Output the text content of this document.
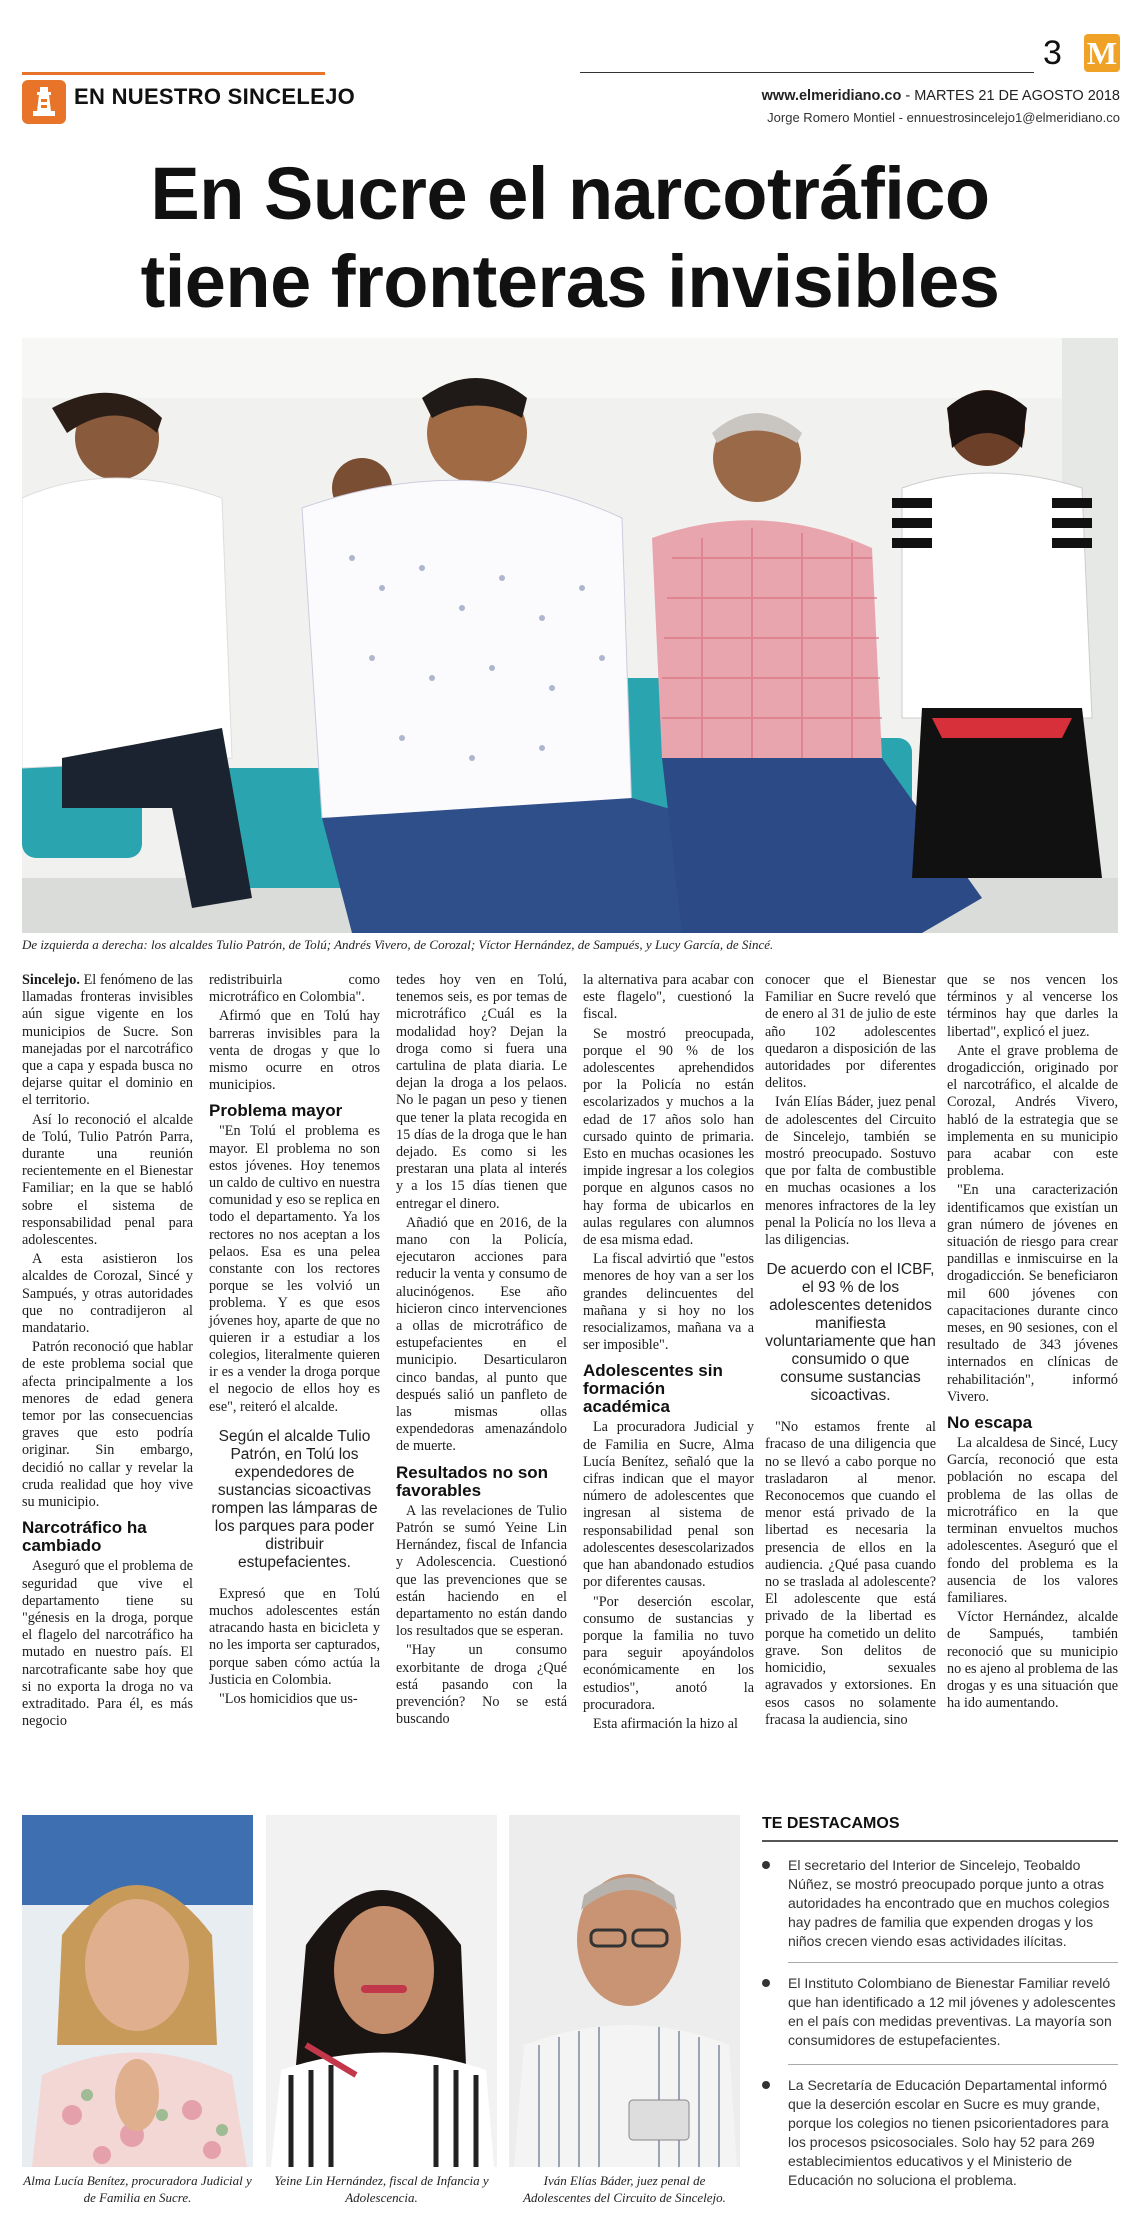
EN NUESTRO SINCELEJO
3 M
www.elmeridiano.co - MARTES 21 DE AGOSTO 2018
Jorge Romero Montiel - ennuestrosincelejo1@elmeridiano.co
En Sucre el narcotráfico
tiene fronteras invisibles
De izquierda a derecha: los alcaldes Tulio Patrón, de Tolú; Andrés Vivero, de Corozal; Víctor Hernández, de Sampués, y Lucy García, de Sincé.

Sincelejo. El fenómeno de las llamadas fronteras invisibles aún sigue vigente en los municipios de Sucre. Son manejadas por el narcotráfico que a capa y espada busca no dejarse quitar el dominio en el territorio.

Así lo reconoció el alcalde de Tolú, Tulio Patrón Parra, durante una reunión recientemente en el Bienestar Familiar; en la que se habló sobre el sistema de responsabilidad penal para adolescentes.

A esta asistieron los alcaldes de Corozal, Sincé y Sampués, y otras autoridades que no contradijeron al mandatario.

Patrón reconoció que hablar de este problema social que afecta principalmente a los menores de edad genera temor por las consecuencias graves que esto podría originar. Sin embargo, decidió no callar y revelar la cruda realidad que hoy vive su municipio.

Narcotráfico ha cambiado

Aseguró que el problema de seguridad que vive el departamento tiene su "génesis en la droga, porque el flagelo del narcotráfico ha mutado en nuestro país. El narcotraficante sabe hoy que si no exporta la droga no va extraditado. Para él, es más negocio

redistribuirla como microtráfico en Colombia".

Afirmó que en Tolú hay barreras invisibles para la venta de drogas y que lo mismo ocurre en otros municipios.

Problema mayor

"En Tolú el problema es mayor. El problema no son estos jóvenes. Hoy tenemos un caldo de cultivo en nuestra comunidad y eso se replica en todo el departamento. Ya los rectores no nos aceptan a los pelaos. Esa es una pelea constante con los rectores porque se les volvió un problema. Y es que esos jóvenes hoy, aparte de que no quieren ir a estudiar a los colegios, literalmente quieren ir es a vender la droga porque el negocio de ellos hoy es ese", reiteró el alcalde.

Según el alcalde Tulio Patrón, en Tolú los expendedores de sustancias sicoactivas rompen las lámparas de los parques para poder distribuir estupefacientes.

Expresó que en Tolú muchos adolescentes están atracando hasta en bicicleta y no les importa ser capturados, porque saben cómo actúa la Justicia en Colombia.

"Los homicidios que us-

tedes hoy ven en Tolú, tenemos seis, es por temas de microtráfico ¿Cuál es la modalidad hoy? Dejan la droga como si fuera una cartulina de plata diaria. Le dejan la droga a los pelaos. No le pagan un peso y tienen que tener la plata recogida en 15 días de la droga que le han dejado. Es como si les prestaran una plata al interés y a los 15 días tienen que entregar el dinero.

Añadió que en 2016, de la mano con la Policía, ejecutaron acciones para reducir la venta y consumo de alucinógenos. Ese año hicieron cinco intervenciones a ollas de microtráfico de estupefacientes en el municipio. Desarticularon cinco bandas, al punto que después salió un panfleto de las mismas ollas expendedoras amenazándolo de muerte.

Resultados no son favorables

A las revelaciones de Tulio Patrón se sumó Yeine Lin Hernández, fiscal de Infancia y Adolescencia. Cuestionó que las prevenciones que se están haciendo en el departamento no están dando los resultados que se esperan.

"Hay un consumo exorbitante de droga ¿Qué está pasando con la prevención? No se está buscando

la alternativa para acabar con este flagelo", cuestionó la fiscal.

Se mostró preocupada, porque el 90 % de los adolescentes aprehendidos por la Policía no están escolarizados y muchos a la edad de 17 años solo han cursado quinto de primaria. Esto en muchas ocasiones les impide ingresar a los colegios porque en algunos casos no hay forma de ubicarlos en aulas regulares con alumnos de esa misma edad.

La fiscal advirtió que "estos menores de hoy van a ser los grandes delincuentes del mañana y si hoy no los resocializamos, mañana va a ser imposible".

Adolescentes sin formación académica

La procuradora Judicial y de Familia en Sucre, Alma Lucía Benítez, señaló que la cifras indican que el mayor número de adolescentes que ingresan al sistema de responsabilidad penal son adolescentes desescolarizados que han abandonado estudios por diferentes causas.

"Por deserción escolar, consumo de sustancias y porque la familia no tuvo para seguir apoyándolos económicamente en los estudios", anotó la procuradora.

Esta afirmación la hizo al

conocer que el Bienestar Familiar en Sucre reveló que de enero al 31 de julio de este año 102 adolescentes quedaron a disposición de las autoridades por diferentes delitos.

Iván Elías Báder, juez penal de adolescentes del Circuito de Sincelejo, también se mostró preocupado. Sostuvo que por falta de combustible en muchas ocasiones a los menores infractores de la ley penal la Policía no los lleva a las diligencias.

De acuerdo con el ICBF, el 93 % de los adolescentes detenidos manifiesta voluntariamente que han consumido o que consume sustancias sicoactivas.

"No estamos frente al fracaso de una diligencia que no se llevó a cabo porque no trasladaron al menor. Reconocemos que cuando el menor está privado de la libertad es necesaria la presencia de ellos en la audiencia. ¿Qué pasa cuando no se traslada al adolescente? El adolescente que está privado de la libertad es porque ha cometido un delito grave. Son delitos de homicidio, sexuales agravados y extorsiones. En esos casos no solamente fracasa la audiencia, sino

que se nos vencen los términos y al vencerse los términos hay que darles la libertad", explicó el juez.

Ante el grave problema de drogadicción, originado por el narcotráfico, el alcalde de Corozal, Andrés Vivero, habló de la estrategia que se implementa en su municipio para acabar con este problema.

"En una caracterización identificamos que existían un gran número de jóvenes en situación de riesgo para crear pandillas e inmiscuirse en la drogadicción. Se beneficiaron mil 600 jóvenes con capacitaciones durante cinco meses, en 90 sesiones, con el resultado de 343 jóvenes internados en clínicas de rehabilitación", informó Vivero.

No escapa

La alcaldesa de Sincé, Lucy García, reconoció que esta población no escapa del problema de las ollas de microtráfico en la que terminan envueltos muchos adolescentes. Aseguró que el fondo del problema es la ausencia de los valores familiares.

Víctor Hernández, alcalde de Sampués, también reconoció que su municipio no es ajeno al problema de las drogas y es una situación que ha ido aumentando.

Alma Lucía Benítez, procuradora Judicial y de Familia en Sucre.
Yeine Lin Hernández, fiscal de Infancia y Adolescencia.
Iván Elías Báder, juez penal de Adolescentes del Circuito de Sincelejo.
TE DESTACAMOS
El secretario del Interior de Sincelejo, Teobaldo Núñez, se mostró preocupado porque junto a otras autoridades ha encontrado que en muchos colegios hay padres de familia que expenden drogas y los niños crecen viendo esas actividades ilícitas.
El Instituto Colombiano de Bienestar Familiar reveló que han identificado a 12 mil jóvenes y adolescentes en el país con medidas preventivas. La mayoría son consumidores de estupefacientes.
La Secretaría de Educación Departamental informó que la deserción escolar en Sucre es muy grande, porque los colegios no tienen psicorientadores para los procesos psicosociales. Solo hay 52 para 269 establecimientos educativos y el Ministerio de Educación no soluciona el problema.
